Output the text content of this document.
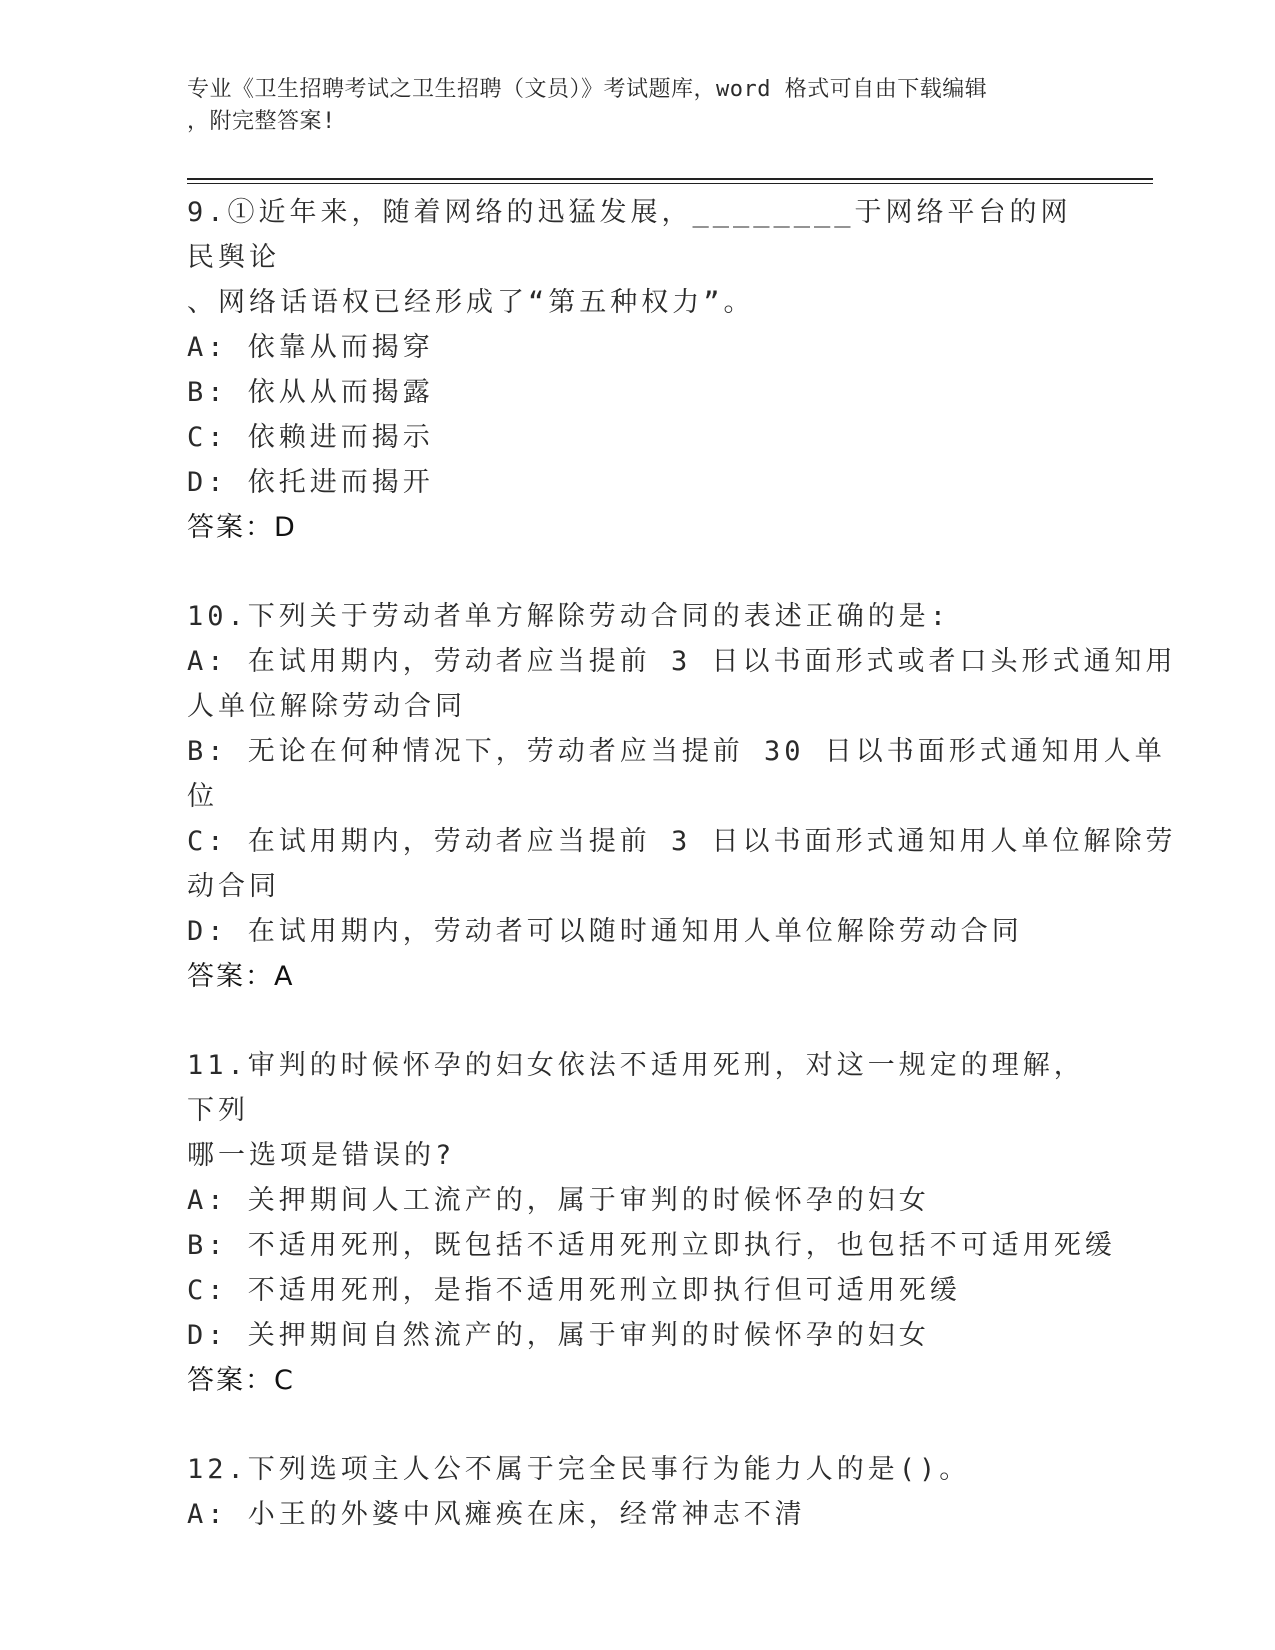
专业《卫生招聘考试之卫生招聘（文员）》考试题库，word 格式可自由下载编辑
，附完整答案!
9.①近年来，随着网络的迅猛发展，________于网络平台的网民舆论
、网络话语权已经形成了“第五种权力”。
A: 依靠从而揭穿
B: 依从从而揭露
C: 依赖进而揭示
D: 依托进而揭开
答案：D
10.下列关于劳动者单方解除劳动合同的表述正确的是:
A: 在试用期内，劳动者应当提前 3 日以书面形式或者口头形式通知用
人单位解除劳动合同
B: 无论在何种情况下，劳动者应当提前 30 日以书面形式通知用人单
位
C: 在试用期内，劳动者应当提前 3 日以书面形式通知用人单位解除劳
动合同
D: 在试用期内，劳动者可以随时通知用人单位解除劳动合同
答案：A
11.审判的时候怀孕的妇女依法不适用死刑，对这一规定的理解，下列
哪一选项是错误的?
A: 关押期间人工流产的，属于审判的时候怀孕的妇女
B: 不适用死刑，既包括不适用死刑立即执行，也包括不可适用死缓
C: 不适用死刑，是指不适用死刑立即执行但可适用死缓
D: 关押期间自然流产的，属于审判的时候怀孕的妇女
答案：C
12.下列选项主人公不属于完全民事行为能力人的是()。
A: 小王的外婆中风瘫痪在床，经常神志不清
